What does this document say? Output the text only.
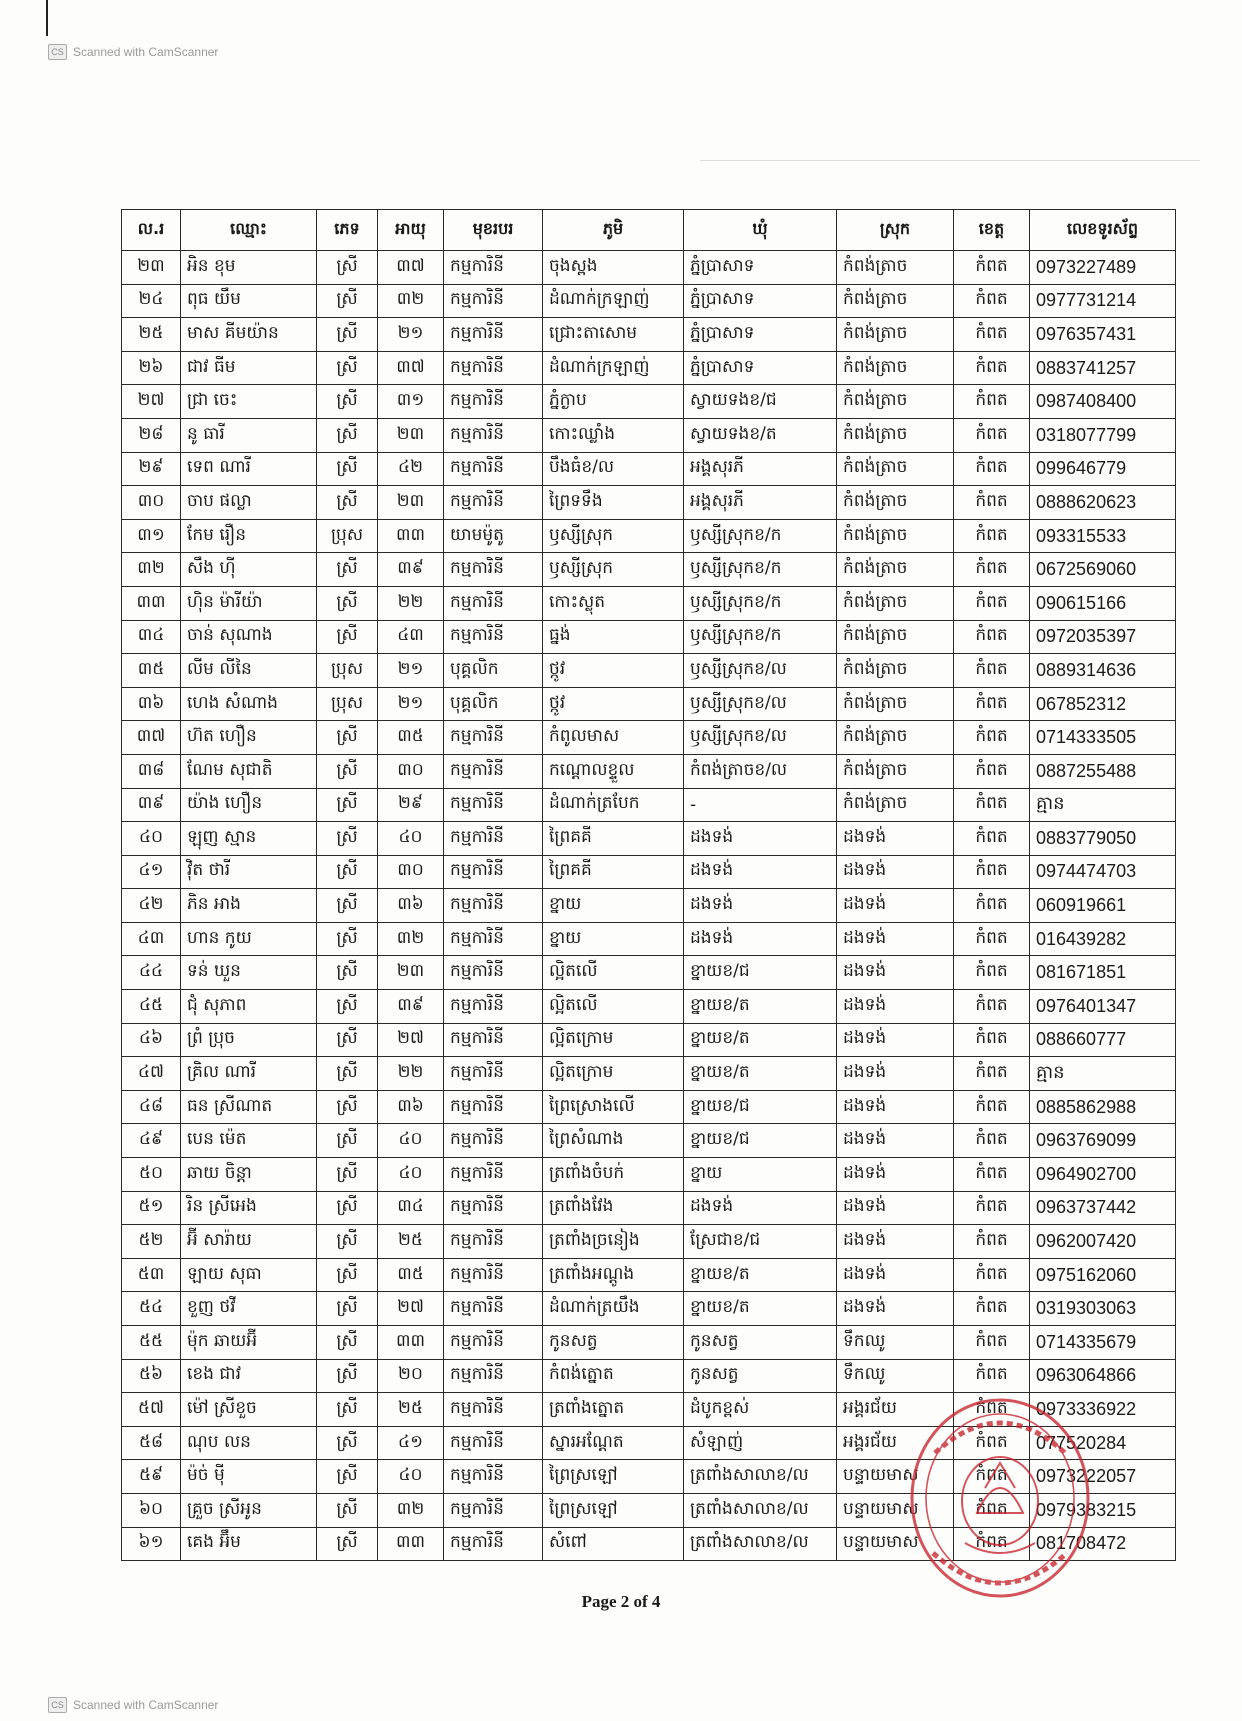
CS Scanned with CamScanner
ល.រ	ឈ្មោះ	ភេទ	អាយុ	មុខរបរ	ភូមិ	ឃុំ	ស្រុក	ខេត្ត	លេខទូរស័ព្ទ
២៣	អិន ខុម	ស្រី	៣៧	កម្មការិនី	ចុងស្ពង	ភ្នំប្រាសាទ	កំពង់ត្រាច	កំពត	0973227489
២៤	ពុធ យឹម	ស្រី	៣២	កម្មការិនី	ដំណាក់ក្រឡាញ់	ភ្នំប្រាសាទ	កំពង់ត្រាច	កំពត	0977731214
២៥	មាស គីមយ៉ាន	ស្រី	២១	កម្មការិនី	ជ្រោះតាសោម	ភ្នំប្រាសាទ	កំពង់ត្រាច	កំពត	0976357431
២៦	ជាវ ធីម	ស្រី	៣៧	កម្មការិនី	ដំណាក់ក្រឡាញ់	ភ្នំប្រាសាទ	កំពង់ត្រាច	កំពត	0883741257
២៧	ជ្រា ចេះ	ស្រី	៣១	កម្មការិនី	ភ្នំក្ងាប	ស្វាយទងខ/ជ	កំពង់ត្រាច	កំពត	0987408400
២៨	នូ ធារី	ស្រី	២៣	កម្មការិនី	កោះឈ្លាំង	ស្វាយទងខ/ត	កំពង់ត្រាច	កំពត	0318077799
២៩	ទេព ណារី	ស្រី	៤២	កម្មការិនី	បឹងធំខ/ល	អង្គសុរភី	កំពង់ត្រាច	កំពត	099646779
៣០	ចាប ផល្លា	ស្រី	២៣	កម្មការិនី	ព្រៃទទឹង	អង្គសុរភី	កំពង់ត្រាច	កំពត	0888620623
៣១	កែម រឿន	ប្រុស	៣៣	យាមម៉ូតូ	ឫស្សីស្រុក	ឫស្សីស្រុកខ/ក	កំពង់ត្រាច	កំពត	093315533
៣២	សឹង ហ៊ី	ស្រី	៣៩	កម្មការិនី	ឫស្សីស្រុក	ឫស្សីស្រុកខ/ក	កំពង់ត្រាច	កំពត	0672569060
៣៣	ហ៊ិន ម៉ារីយ៉ា	ស្រី	២២	កម្មការិនី	កោះស្លុត	ឫស្សីស្រុកខ/ក	កំពង់ត្រាច	កំពត	090615166
៣៤	ចាន់ សុណាង	ស្រី	៤៣	កម្មការិនី	ធ្នង់	ឫស្សីស្រុកខ/ក	កំពង់ត្រាច	កំពត	0972035397
៣៥	លីម លីនៃ	ប្រុស	២១	បុគ្គលិក	ថ្កូវ	ឫស្សីស្រុកខ/ល	កំពង់ត្រាច	កំពត	0889314636
៣៦	ហេង សំណាង	ប្រុស	២១	បុគ្គលិក	ថ្កូវ	ឫស្សីស្រុកខ/ល	កំពង់ត្រាច	កំពត	067852312
៣៧	ហ៊ត ហឿន	ស្រី	៣៥	កម្មការិនី	កំពូលមាស	ឫស្សីស្រុកខ/ល	កំពង់ត្រាច	កំពត	0714333505
៣៨	ណែម សុជាតិ	ស្រី	៣០	កម្មការិនី	កណ្ដោលខ្ទួល	កំពង់ត្រាចខ/ល	កំពង់ត្រាច	កំពត	0887255488
៣៩	យ៉ាង ហឿន	ស្រី	២៩	កម្មការិនី	ដំណាក់ត្របែក	-	កំពង់ត្រាច	កំពត	គ្មាន
៤០	ឡុញ ស្មាន	ស្រី	៤០	កម្មការិនី	ព្រៃគគី	ដងទង់	ដងទង់	កំពត	0883779050
៤១	វ៉ិត ថារី	ស្រី	៣០	កម្មការិនី	ព្រៃគគី	ដងទង់	ដងទង់	កំពត	0974474703
៤២	ភិន អាង	ស្រី	៣៦	កម្មការិនី	ខ្នាយ	ដងទង់	ដងទង់	កំពត	060919661
៤៣	ហាន កូយ	ស្រី	៣២	កម្មការិនី	ខ្នាយ	ដងទង់	ដងទង់	កំពត	016439282
៤៤	ទន់ ឃួន	ស្រី	២៣	កម្មការិនី	ល្អិតលើ	ខ្នាយខ/ជ	ដងទង់	កំពត	081671851
៤៥	ជុំ សុភាព	ស្រី	៣៩	កម្មការិនី	ល្អិតលើ	ខ្នាយខ/ត	ដងទង់	កំពត	0976401347
៤៦	ព្រំ ប្រុច	ស្រី	២៧	កម្មការិនី	ល្អិតក្រោម	ខ្នាយខ/ត	ដងទង់	កំពត	088660777
៤៧	គ្រិល ណារី	ស្រី	២២	កម្មការិនី	ល្អិតក្រោម	ខ្នាយខ/ត	ដងទង់	កំពត	គ្មាន
៤៨	ធន ស្រីណាត	ស្រី	៣៦	កម្មការិនី	ព្រៃស្រោងលើ	ខ្នាយខ/ជ	ដងទង់	កំពត	0885862988
៤៩	បេន ម៉េត	ស្រី	៤០	កម្មការិនី	ព្រៃសំណាង	ខ្នាយខ/ជ	ដងទង់	កំពត	0963769099
៥០	ឆាយ ចិន្តា	ស្រី	៤០	កម្មការិនី	ត្រពាំងចំបក់	ខ្នាយ	ដងទង់	កំពត	0964902700
៥១	រិន ស្រីអេង	ស្រី	៣៤	កម្មការិនី	ត្រពាំងវែង	ដងទង់	ដងទង់	កំពត	0963737442
៥២	អ៊ី សារ៉ាយ	ស្រី	២៥	កម្មការិនី	ត្រពាំងច្រនៀង	ស្រែជាខ/ជ	ដងទង់	កំពត	0962007420
៥៣	ឡាយ សុធា	ស្រី	៣៥	កម្មការិនី	ត្រពាំងអណ្ដូង	ខ្នាយខ/ត	ដងទង់	កំពត	0975162060
៥៤	ខួញ ថវី	ស្រី	២៧	កម្មការិនី	ដំណាក់ត្រយឹង	ខ្នាយខ/ត	ដងទង់	កំពត	0319303063
៥៥	ម៉ុក ឆាយអ៊ី	ស្រី	៣៣	កម្មការិនី	កូនសត្វ	កូនសត្វ	ទឹកឈូ	កំពត	0714335679
៥៦	ខេង ជាវ	ស្រី	២០	កម្មការិនី	កំពង់ត្នោត	កូនសត្វ	ទឹកឈូ	កំពត	0963064866
៥៧	ម៉ៅ ស្រីខួច	ស្រី	២៥	កម្មការិនី	ត្រពាំងត្នោត	ដំបូកខ្ពស់	អង្គរជ័យ	កំពត	0973336922
៥៨	ណុប លន	ស្រី	៤១	កម្មការិនី	ស្នារអណ្ដែត	សំឡាញ់	អង្គរជ័យ	កំពត	077520284
៥៩	ម៉ច់ ម៉ី	ស្រី	៤០	កម្មការិនី	ព្រៃស្រឡៅ	ត្រពាំងសាលាខ/ល	បន្ទាយមាស	កំពត	0973222057
៦០	គ្រួច ស្រីអូន	ស្រី	៣២	កម្មការិនី	ព្រៃស្រឡៅ	ត្រពាំងសាលាខ/ល	បន្ទាយមាស	កំពត	0979383215
៦១	គេង អ៊ឹម	ស្រី	៣៣	កម្មការិនី	សំពៅ	ត្រពាំងសាលាខ/ល	បន្ទាយមាស	កំពត	081708472
Page 2 of 4
CS Scanned with CamScanner
